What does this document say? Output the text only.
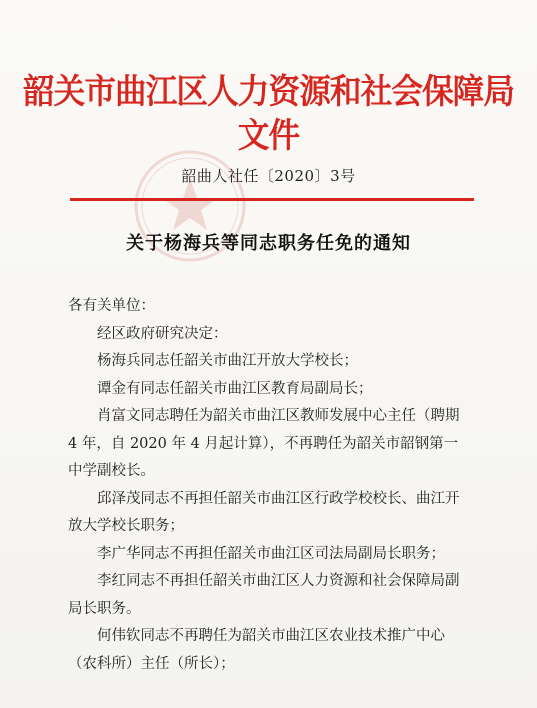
韶关市曲江区人力资源和社会保障局文件
韶曲人社任〔2020〕3号
关于杨海兵等同志职务任免的通知

各有关单位：

经区政府研究决定：

杨海兵同志任韶关市曲江开放大学校长；

谭金有同志任韶关市曲江区教育局副局长；

肖富文同志聘任为韶关市曲江区教师发展中心主任（聘期 4 年，自 2020 年 4 月起计算），不再聘任为韶关市韶钢第一中学副校长。

邱泽茂同志不再担任韶关市曲江区行政学校校长、曲江开放大学校长职务；

李广华同志不再担任韶关市曲江区司法局副局长职务；

李红同志不再担任韶关市曲江区人力资源和社会保障局副局长职务。

何伟钦同志不再聘任为韶关市曲江区农业技术推广中心（农科所）主任（所长）；
